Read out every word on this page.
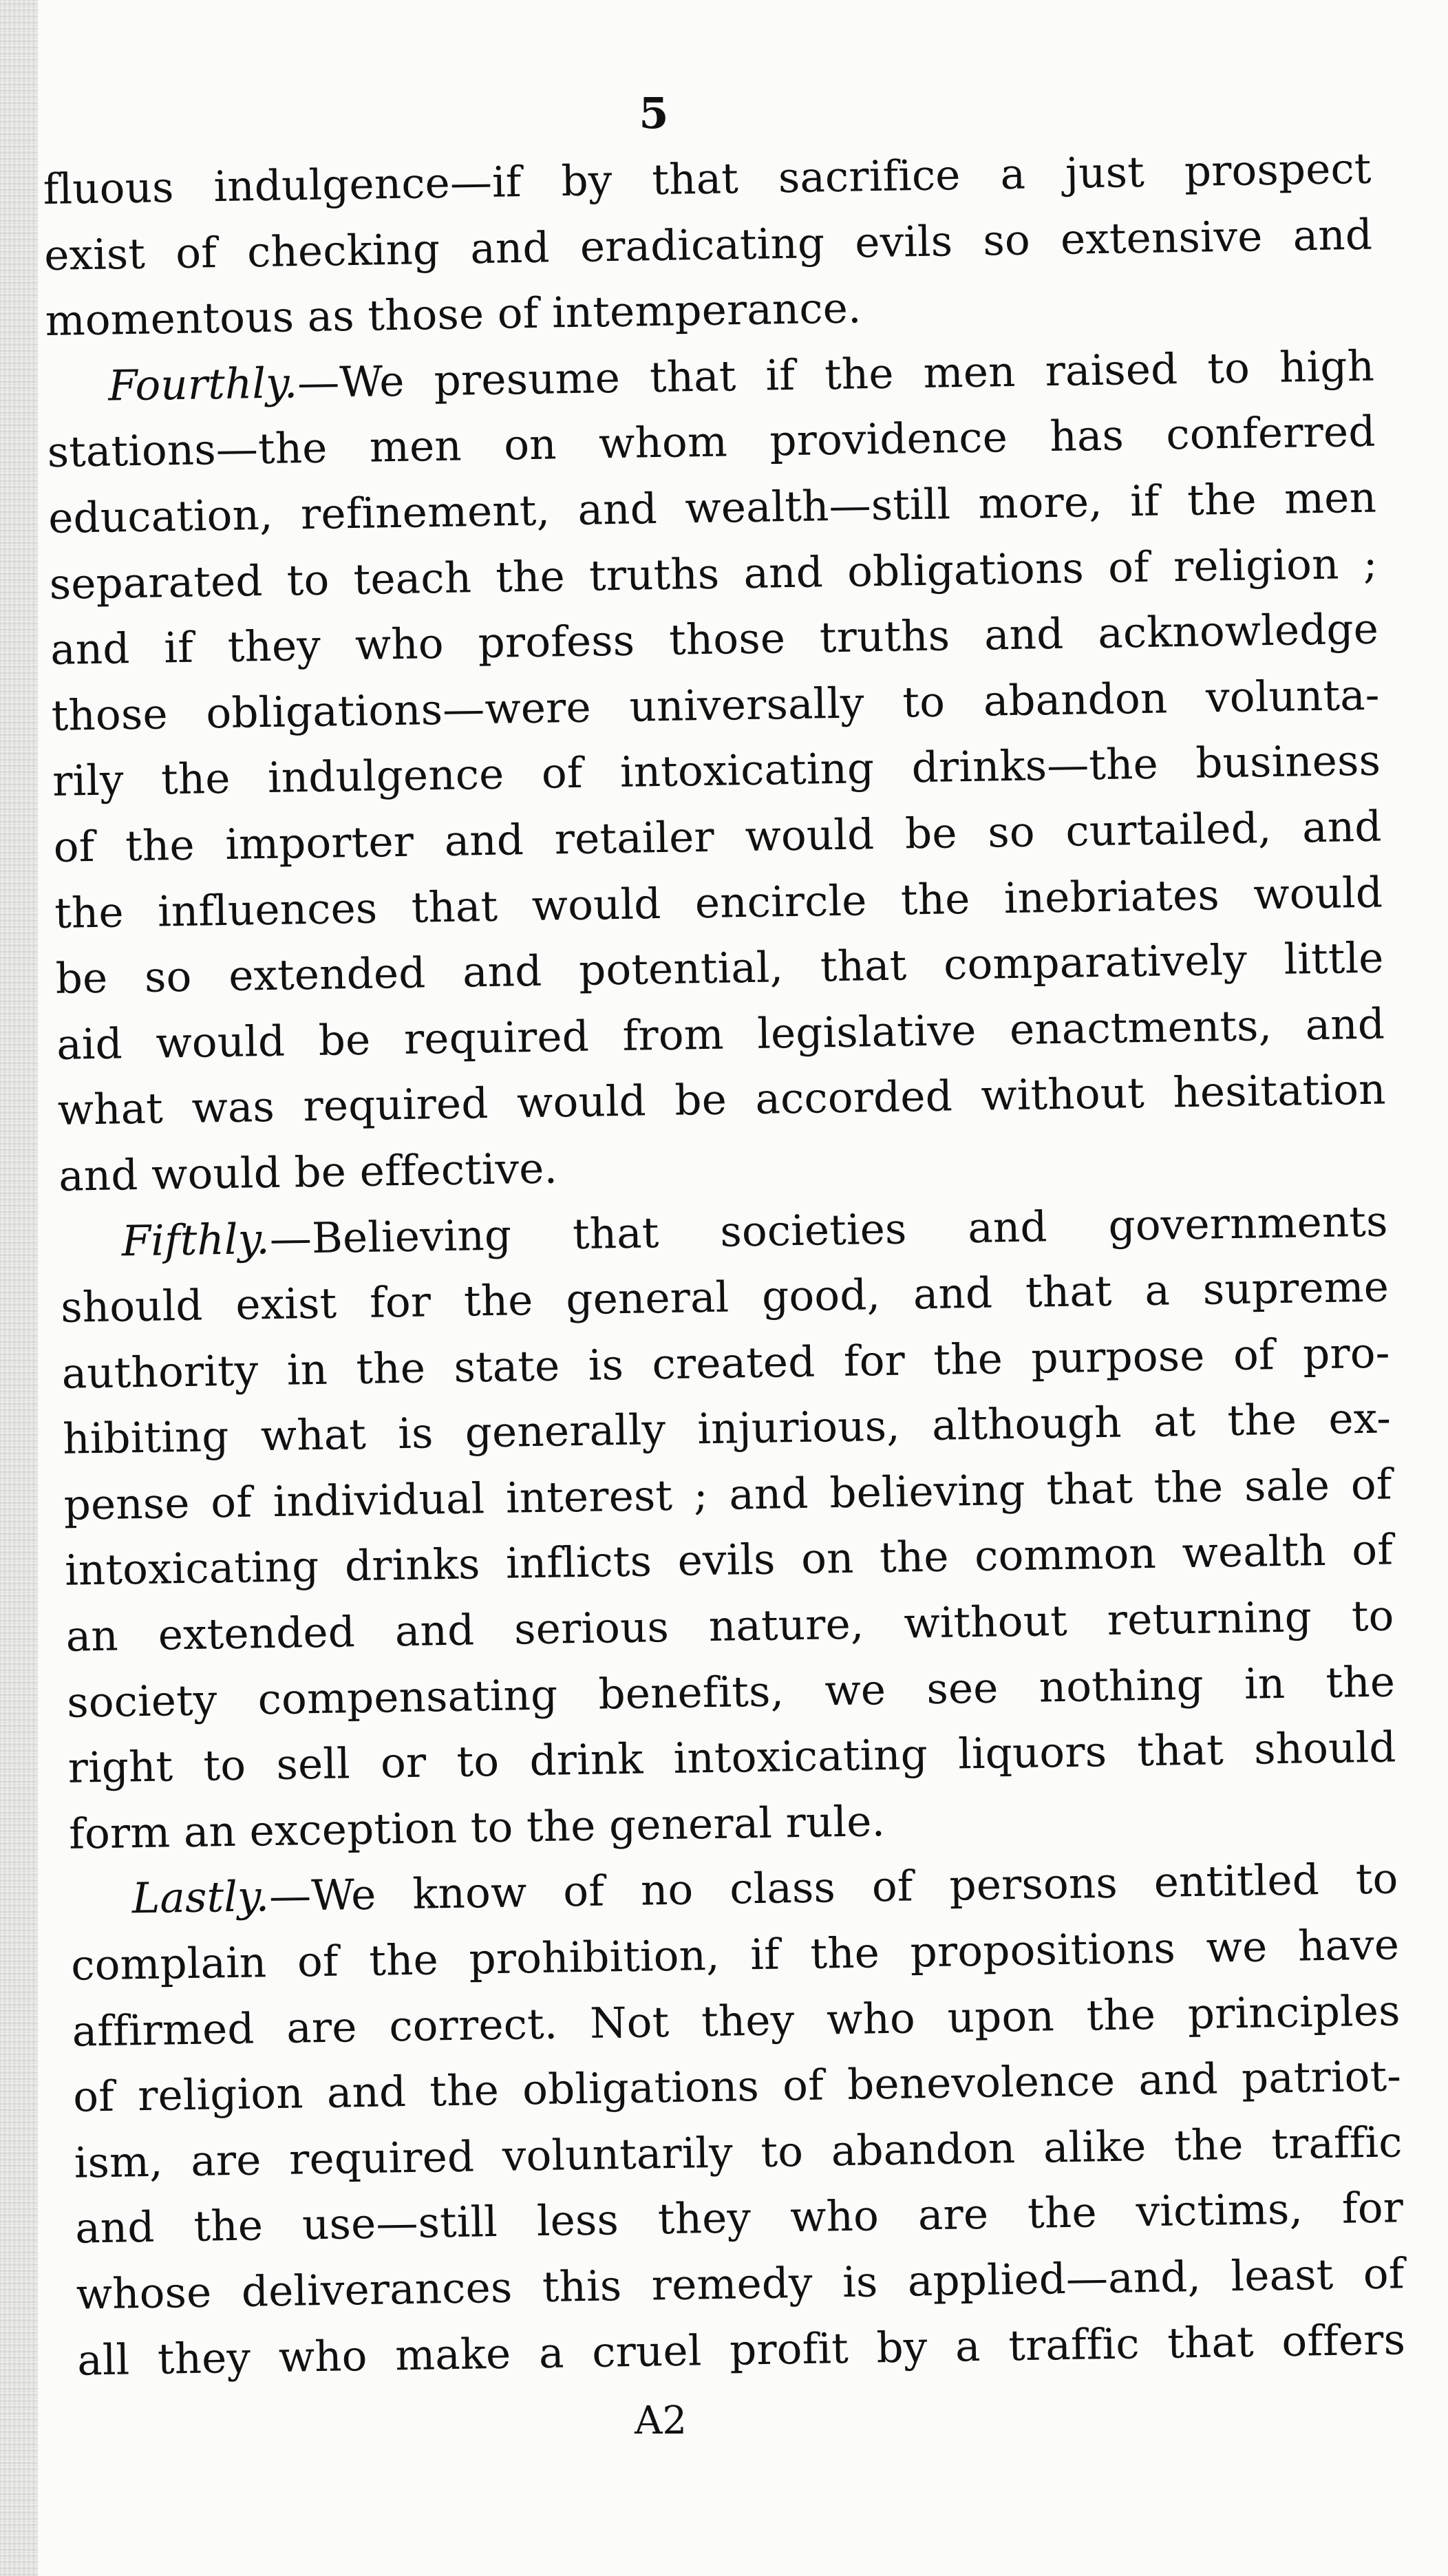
5
fluous indulgence—if by that sacrifice a just prospect
exist of checking and eradicating evils so extensive and
momentous as those of intemperance.
Fourthly.—We presume that if the men raised to high
stations—the men on whom providence has conferred
education, refinement, and wealth—still more, if the men
separated to teach the truths and obligations of religion ;
and if they who profess those truths and acknowledge
those obligations—were universally to abandon volunta-
rily the indulgence of intoxicating drinks—the business
of the importer and retailer would be so curtailed, and
the influences that would encircle the inebriates would
be so extended and potential, that comparatively little
aid would be required from legislative enactments, and
what was required would be accorded without hesitation
and would be effective.
Fifthly.—Believing that societies and governments
should exist for the general good, and that a supreme
authority in the state is created for the purpose of pro-
hibiting what is generally injurious, although at the ex-
pense of individual interest ; and believing that the sale of
intoxicating drinks inflicts evils on the common wealth of
an extended and serious nature, without returning to
society compensating benefits, we see nothing in the
right to sell or to drink intoxicating liquors that should
form an exception to the general rule.
Lastly.—We know of no class of persons entitled to
complain of the prohibition, if the propositions we have
affirmed are correct. Not they who upon the principles
of religion and the obligations of benevolence and patriot-
ism, are required voluntarily to abandon alike the traffic
and the use—still less they who are the victims, for
whose deliverances this remedy is applied—and, least of
all they who make a cruel profit by a traffic that offers
A2
